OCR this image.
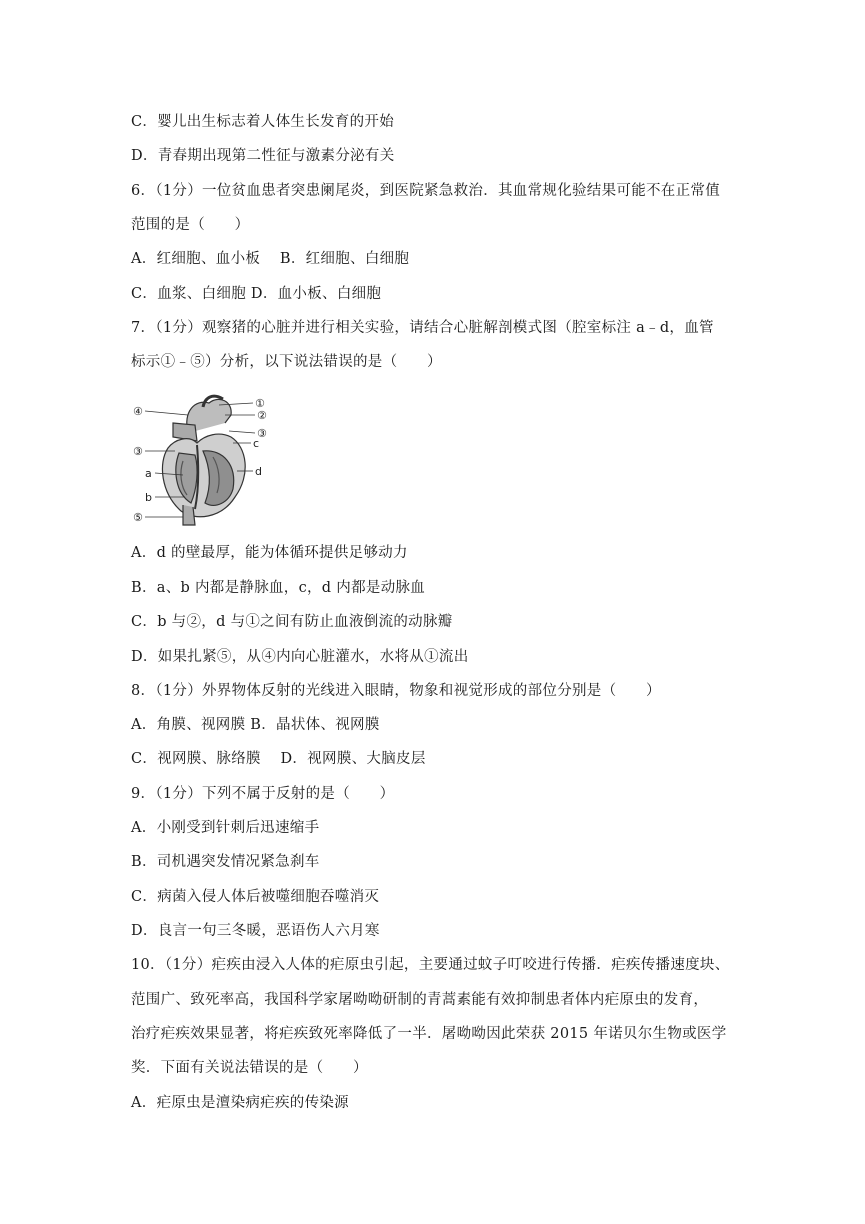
C．婴儿出生标志着人体生长发育的开始
D．青春期出现第二性征与激素分泌有关
6．（1分）一位贫血患者突患阑尾炎，到医院紧急救治．其血常规化验结果可能不在正常值
范围的是（　　）
A．红细胞、血小板　 B．红细胞、白细胞
C．血浆、白细胞 D．血小板、白细胞
7．（1分）观察猪的心脏并进行相关实验，请结合心脏解剖模式图（腔室标注 a﹣d，血管
标示①﹣⑤）分析，以下说法错误的是（　　）
④
③
a
b
⑤
①
②
③
c
d
A．d 的壁最厚，能为体循环提供足够动力
B．a、b 内都是静脉血，c，d 内都是动脉血
C．b 与②，d 与①之间有防止血液倒流的动脉瓣
D．如果扎紧⑤，从④内向心脏灌水，水将从①流出
8．（1分）外界物体反射的光线进入眼睛，物象和视觉形成的部位分别是（　　）
A．角膜、视网膜 B．晶状体、视网膜
C．视网膜、脉络膜　 D．视网膜、大脑皮层
9．（1分）下列不属于反射的是（　　）
A．小刚受到针刺后迅速缩手
B．司机遇突发情况紧急刹车
C．病菌入侵人体后被噬细胞吞噬消灭
D．良言一句三冬暖，恶语伤人六月寒
10．（1分）疟疾由浸入人体的疟原虫引起，主要通过蚊子叮咬进行传播．疟疾传播速度块、
范围广、致死率高，我国科学家屠呦呦研制的青蒿素能有效抑制患者体内疟原虫的发育，
治疗疟疾效果显著，将疟疾致死率降低了一半．屠呦呦因此荣获 2015 年诺贝尔生物或医学
奖．下面有关说法错误的是（　　）
A．疟原虫是澶染病疟疾的传染源
